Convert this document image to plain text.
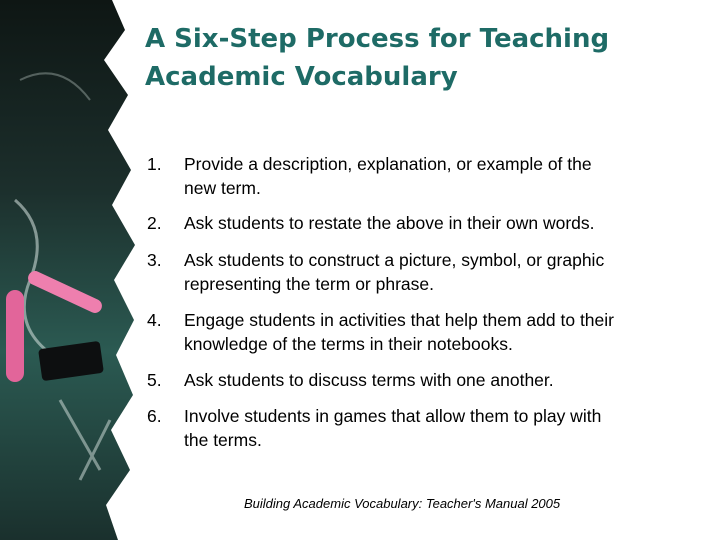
A Six-Step Process for Teaching
Academic Vocabulary
1.	Provide a description, explanation, or example of the
new term.
2.	Ask students to restate the above in their own words.
3.	Ask students to construct a picture, symbol, or graphic
representing the term or phrase.
4.	Engage students in activities that help them add to their
knowledge of the terms in their notebooks.
5.	Ask students to discuss terms with one another.
6.	Involve students in games that allow them to play with
the terms.
Building Academic Vocabulary: Teacher's Manual 2005
